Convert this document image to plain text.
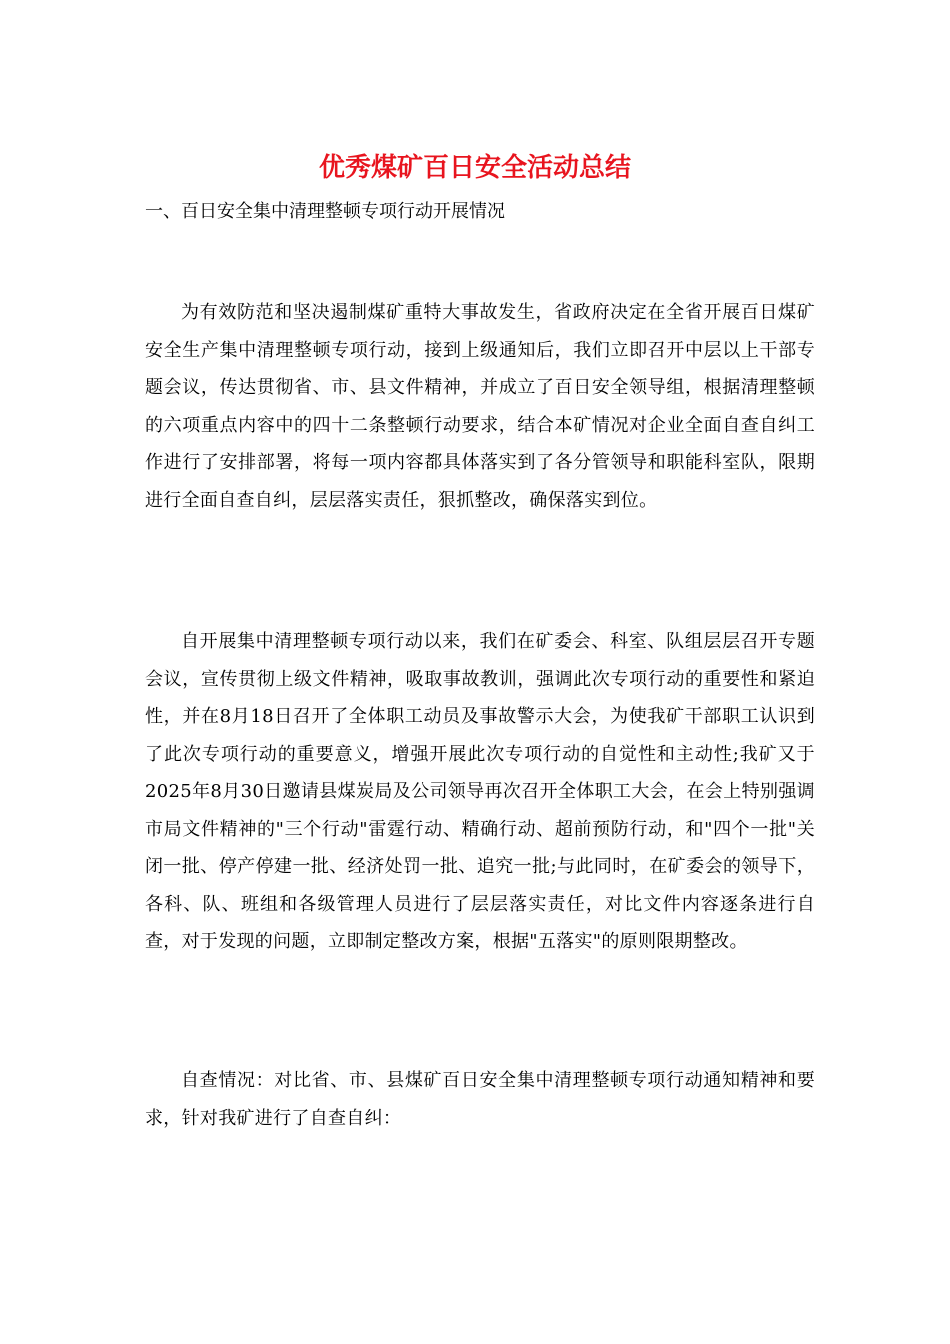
优秀煤矿百日安全活动总结

一、百日安全集中清理整顿专项行动开展情况

为有效防范和坚决遏制煤矿重特大事故发生，省政府决定在全省开展百日煤矿安全生产集中清理整顿专项行动，接到上级通知后，我们立即召开中层以上干部专题会议，传达贯彻省、市、县文件精神，并成立了百日安全领导组，根据清理整顿的六项重点内容中的四十二条整顿行动要求，结合本矿情况对企业全面自查自纠工作进行了安排部署，将每一项内容都具体落实到了各分管领导和职能科室队，限期进行全面自查自纠，层层落实责任，狠抓整改，确保落实到位。

自开展集中清理整顿专项行动以来，我们在矿委会、科室、队组层层召开专题会议，宣传贯彻上级文件精神，吸取事故教训，强调此次专项行动的重要性和紧迫性，并在8月18日召开了全体职工动员及事故警示大会，为使我矿干部职工认识到了此次专项行动的重要意义，增强开展此次专项行动的自觉性和主动性;我矿又于2025年8月30日邀请县煤炭局及公司领导再次召开全体职工大会，在会上特别强调市局文件精神的"三个行动"雷霆行动、精确行动、超前预防行动，和"四个一批"关闭一批、停产停建一批、经济处罚一批、追究一批;与此同时，在矿委会的领导下，各科、队、班组和各级管理人员进行了层层落实责任，对比文件内容逐条进行自查，对于发现的问题，立即制定整改方案，根据"五落实"的原则限期整改。

自查情况：对比省、市、县煤矿百日安全集中清理整顿专项行动通知精神和要求，针对我矿进行了自查自纠：
